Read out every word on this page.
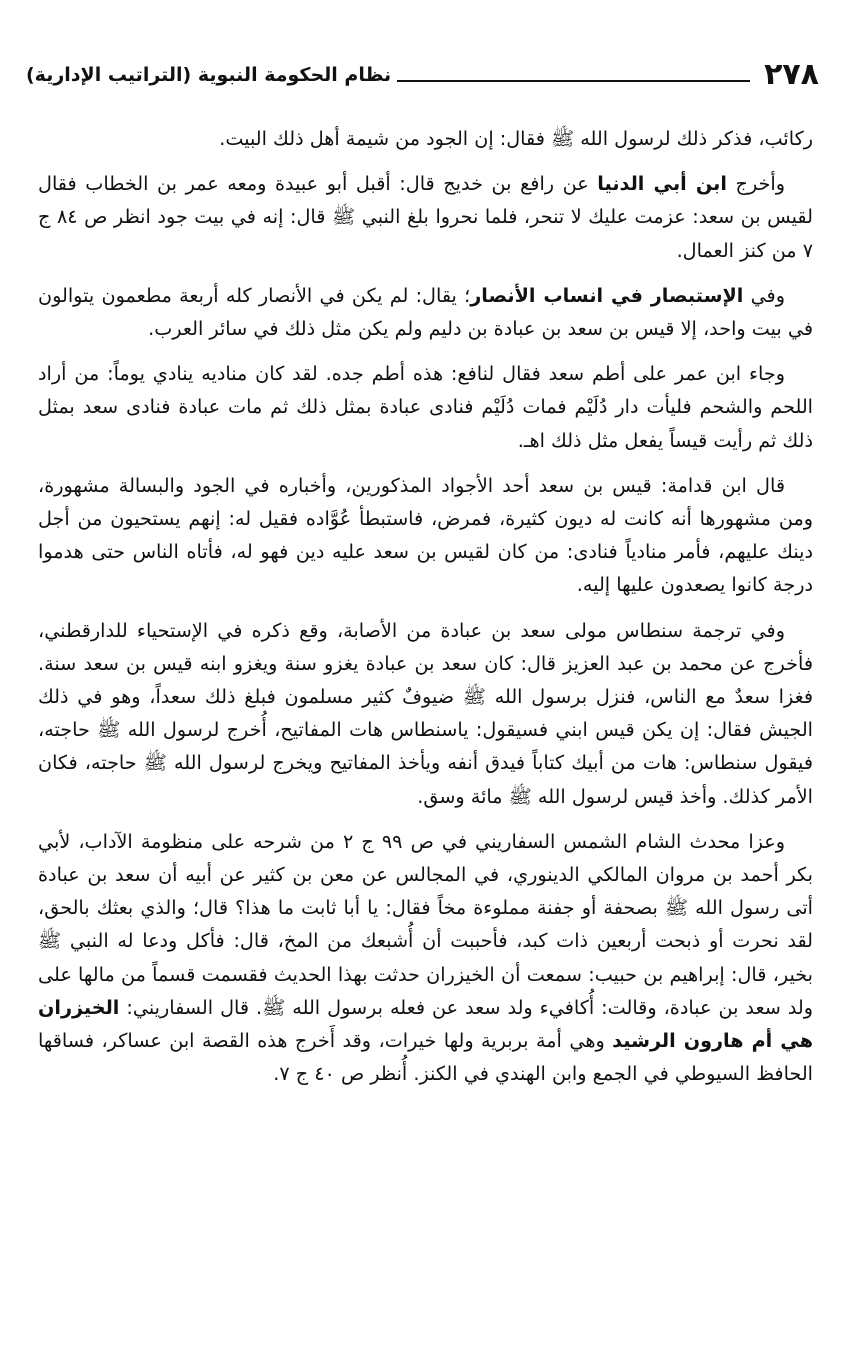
٢٧٨
نظام الحكومة النبوية (التراتيب الإدارية)

ركائب، فذكر ذلك لرسول الله ﷺ فقال: إن الجود من شيمة أهل ذلك البيت.

وأخرج ابن أبي الدنيا عن رافع بن خديج قال: أقبل أبو عبيدة ومعه عمر بن الخطاب فقال لقيس بن سعد: عزمت عليك لا تنحر، فلما نحروا بلغ النبي ﷺ قال: إنه في بيت جود انظر ص ٨٤ ج ٧ من كنز العمال.

وفي الإستبصار في انساب الأنصار؛ يقال: لم يكن في الأنصار كله أربعة مطعمون يتوالون في بيت واحد، إلا قيس بن سعد بن عبادة بن دليم ولم يكن مثل ذلك في سائر العرب.

وجاء ابن عمر على أطم سعد فقال لنافع: هذه أطم جده. لقد كان مناديه ينادي يوماً: من أراد اللحم والشحم فليأت دار دُلَيْم فمات دُلَيْم فنادى عبادة بمثل ذلك ثم مات عبادة فنادى سعد بمثل ذلك ثم رأيت قيساً يفعل مثل ذلك اهـ.

قال ابن قدامة: قيس بن سعد أحد الأجواد المذكورين، وأخباره في الجود والبسالة مشهورة، ومن مشهورها أنه كانت له ديون كثيرة، فمرض، فاستبطأ عُوَّاده فقيل له: إنهم يستحيون من أجل دينك عليهم، فأمر منادياً فنادى: من كان لقيس بن سعد عليه دين فهو له، فأتاه الناس حتى هدموا درجة كانوا يصعدون عليها إليه.

وفي ترجمة سنطاس مولى سعد بن عبادة من الأصابة، وقع ذكره في الإستحياء للدارقطني، فأخرج عن محمد بن عبد العزيز قال: كان سعد بن عبادة يغزو سنة ويغزو ابنه قيس بن سعد سنة. فغزا سعدٌ مع الناس، فنزل برسول الله ﷺ ضيوفٌ كثير مسلمون فبلغ ذلك سعداً، وهو في ذلك الجيش فقال: إن يكن قيس ابني فسيقول: ياسنطاس هات المفاتيح، أُخرج لرسول الله ﷺ حاجته، فيقول سنطاس: هات من أبيك كتاباً فيدق أنفه ويأخذ المفاتيح ويخرج لرسول الله ﷺ حاجته، فكان الأمر كذلك. وأخذ قيس لرسول الله ﷺ مائة وسق.

وعزا محدث الشام الشمس السفاريني في ص ٩٩ ج ٢ من شرحه على منظومة الآداب، لأبي بكر أحمد بن مروان المالكي الدينوري، في المجالس عن معن بن كثير عن أبيه أن سعد بن عبادة أتى رسول الله ﷺ بصحفة أو جفنة مملوءة مخاً فقال: يا أبا ثابت ما هذا؟ قال؛ والذي بعثك بالحق، لقد نحرت أو ذبحت أربعين ذات كبد، فأحببت أن أُشبعك من المخ، قال: فأكل ودعا له النبي ﷺ بخير، قال: إبراهيم بن حبيب: سمعت أن الخيزران حدثت بهذا الحديث فقسمت قسماً من مالها على ولد سعد بن عبادة، وقالت: أُكافيء ولد سعد عن فعله برسول الله ﷺ. قال السفاريني: الخيزران هي أم هارون الرشيد وهي أمة بربرية ولها خيرات، وقد أَخرج هذه القصة ابن عساكر، فساقها الحافظ السيوطي في الجمع وابن الهندي في الكنز. أُنظر ص ٤٠ ج ٧.
